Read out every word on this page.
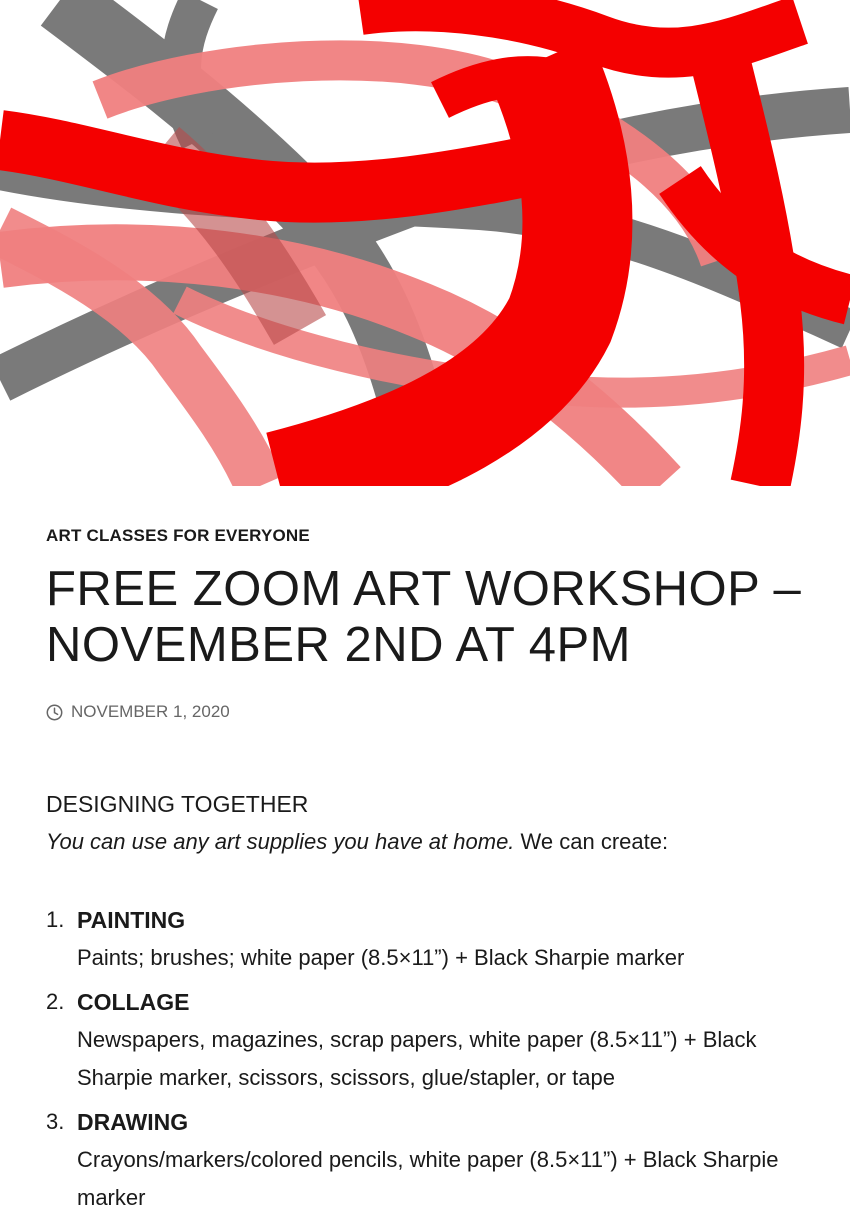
ART CLASSES FOR EVERYONE
FREE ZOOM ART WORKSHOP – NOVEMBER 2ND AT 4PM
NOVEMBER 1, 2020
DESIGNING TOGETHER
You can use any art supplies you have at home. We can create:
1. PAINTING
Paints; brushes; white paper (8.5×11”) + Black Sharpie marker
2. COLLAGE
Newspapers, magazines, scrap papers, white paper (8.5×11”) + Black Sharpie marker, scissors, scissors, glue/stapler, or tape
3. DRAWING
Crayons/markers/colored pencils, white paper (8.5×11”) + Black Sharpie marker
